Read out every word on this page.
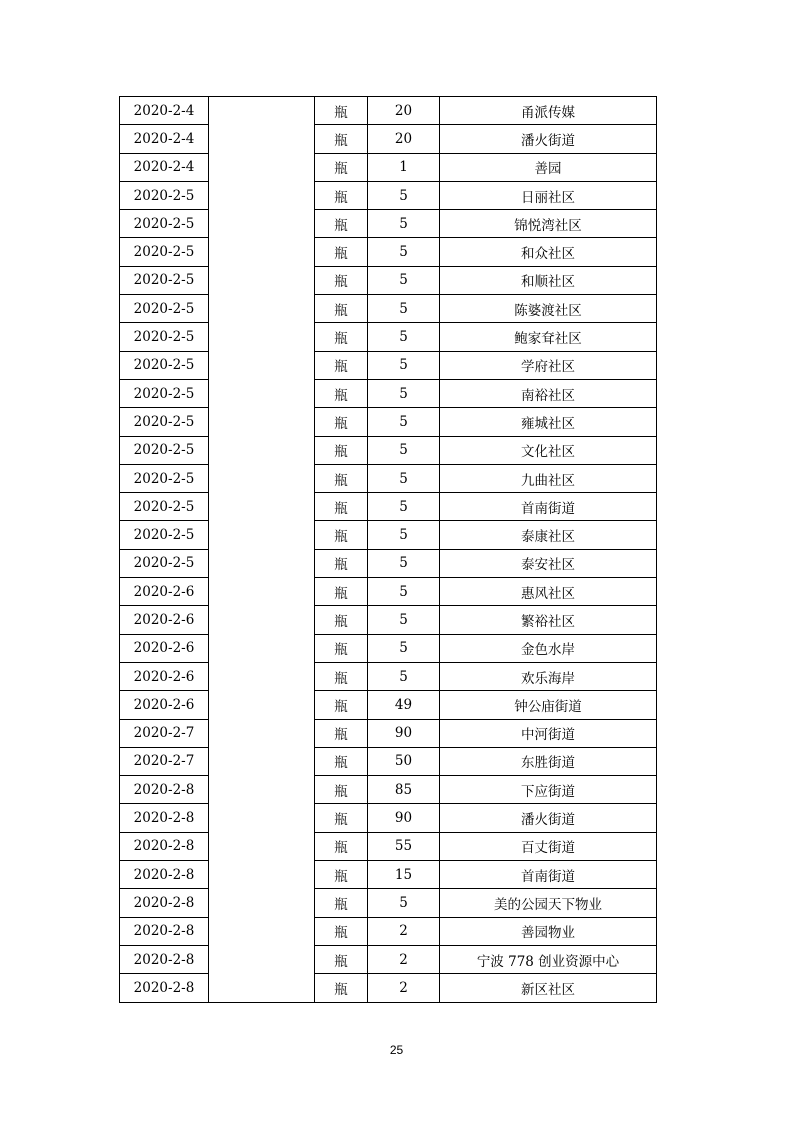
2020-2-4		瓶	20	甬派传媒
2020-2-4		瓶	20	潘火街道
2020-2-4		瓶	1	善园
2020-2-5		瓶	5	日丽社区
2020-2-5		瓶	5	锦悦湾社区
2020-2-5		瓶	5	和众社区
2020-2-5		瓶	5	和顺社区
2020-2-5		瓶	5	陈婆渡社区
2020-2-5		瓶	5	鲍家耷社区
2020-2-5		瓶	5	学府社区
2020-2-5		瓶	5	南裕社区
2020-2-5		瓶	5	雍城社区
2020-2-5		瓶	5	文化社区
2020-2-5		瓶	5	九曲社区
2020-2-5		瓶	5	首南街道
2020-2-5		瓶	5	泰康社区
2020-2-5		瓶	5	泰安社区
2020-2-6		瓶	5	惠风社区
2020-2-6		瓶	5	繁裕社区
2020-2-6		瓶	5	金色水岸
2020-2-6		瓶	5	欢乐海岸
2020-2-6		瓶	49	钟公庙街道
2020-2-7		瓶	90	中河街道
2020-2-7		瓶	50	东胜街道
2020-2-8		瓶	85	下应街道
2020-2-8		瓶	90	潘火街道
2020-2-8		瓶	55	百丈街道
2020-2-8		瓶	15	首南街道
2020-2-8		瓶	5	美的公园天下物业
2020-2-8		瓶	2	善园物业
2020-2-8		瓶	2	宁波 778 创业资源中心
2020-2-8		瓶	2	新区社区
25
